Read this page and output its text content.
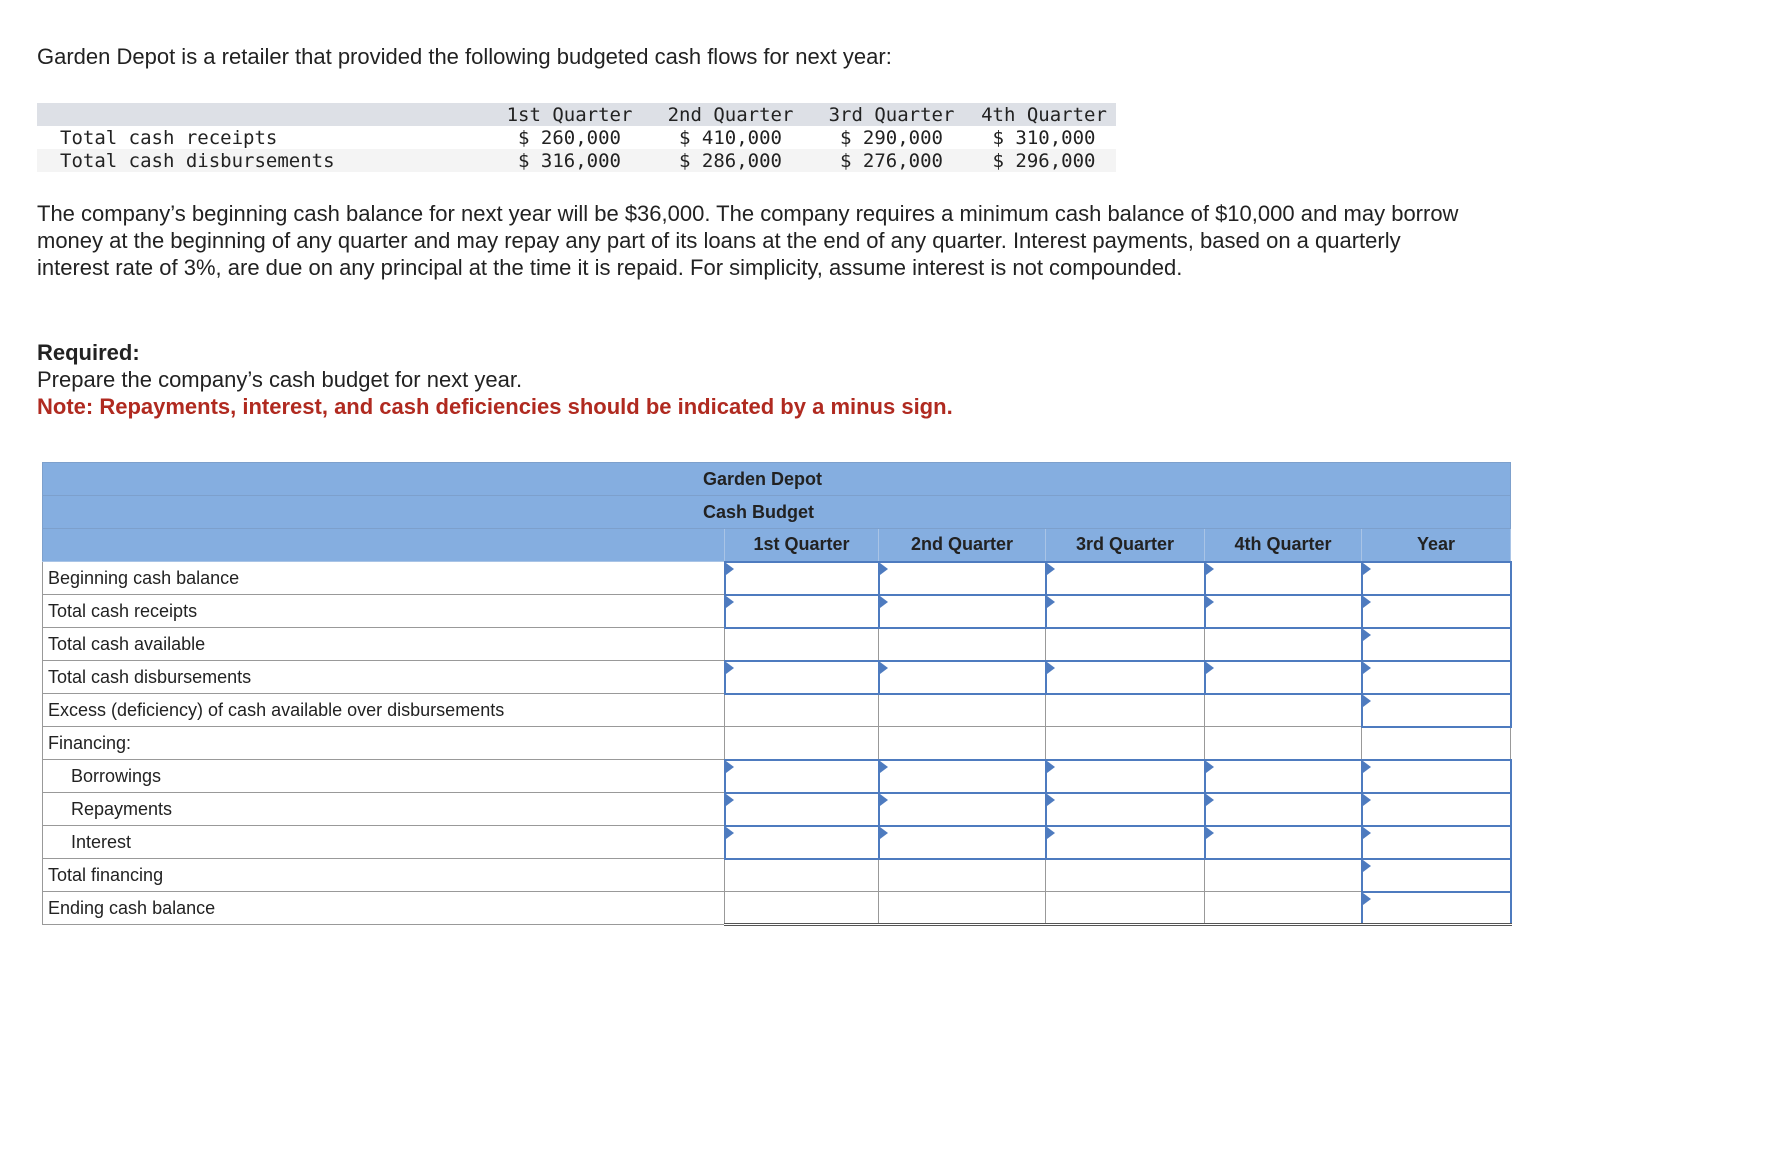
Garden Depot is a retailer that provided the following budgeted cash flows for next year:

	1st Quarter	2nd Quarter	3rd Quarter	4th Quarter
Total cash receipts	$ 260,000	$ 410,000	$ 290,000	$ 310,000
Total cash disbursements	$ 316,000	$ 286,000	$ 276,000	$ 296,000

The company’s beginning cash balance for next year will be $36,000. The company requires a minimum cash balance of $10,000 and may borrow money at the beginning of any quarter and may repay any part of its loans at the end of any quarter. Interest payments, based on a quarterly interest rate of 3%, are due on any principal at the time it is repaid. For simplicity, assume interest is not compounded.

Required:

Prepare the company’s cash budget for next year.

Note: Repayments, interest, and cash deficiencies should be indicated by a minus sign.

Garden Depot					
Cash Budget					
	1st Quarter	2nd Quarter	3rd Quarter	4th Quarter	Year
Beginning cash balance					
Total cash receipts					
Total cash available					
Total cash disbursements					
Excess (deficiency) of cash available over disbursements					
Financing:					
Borrowings					
Repayments					
Interest					
Total financing					
Ending cash balance					
